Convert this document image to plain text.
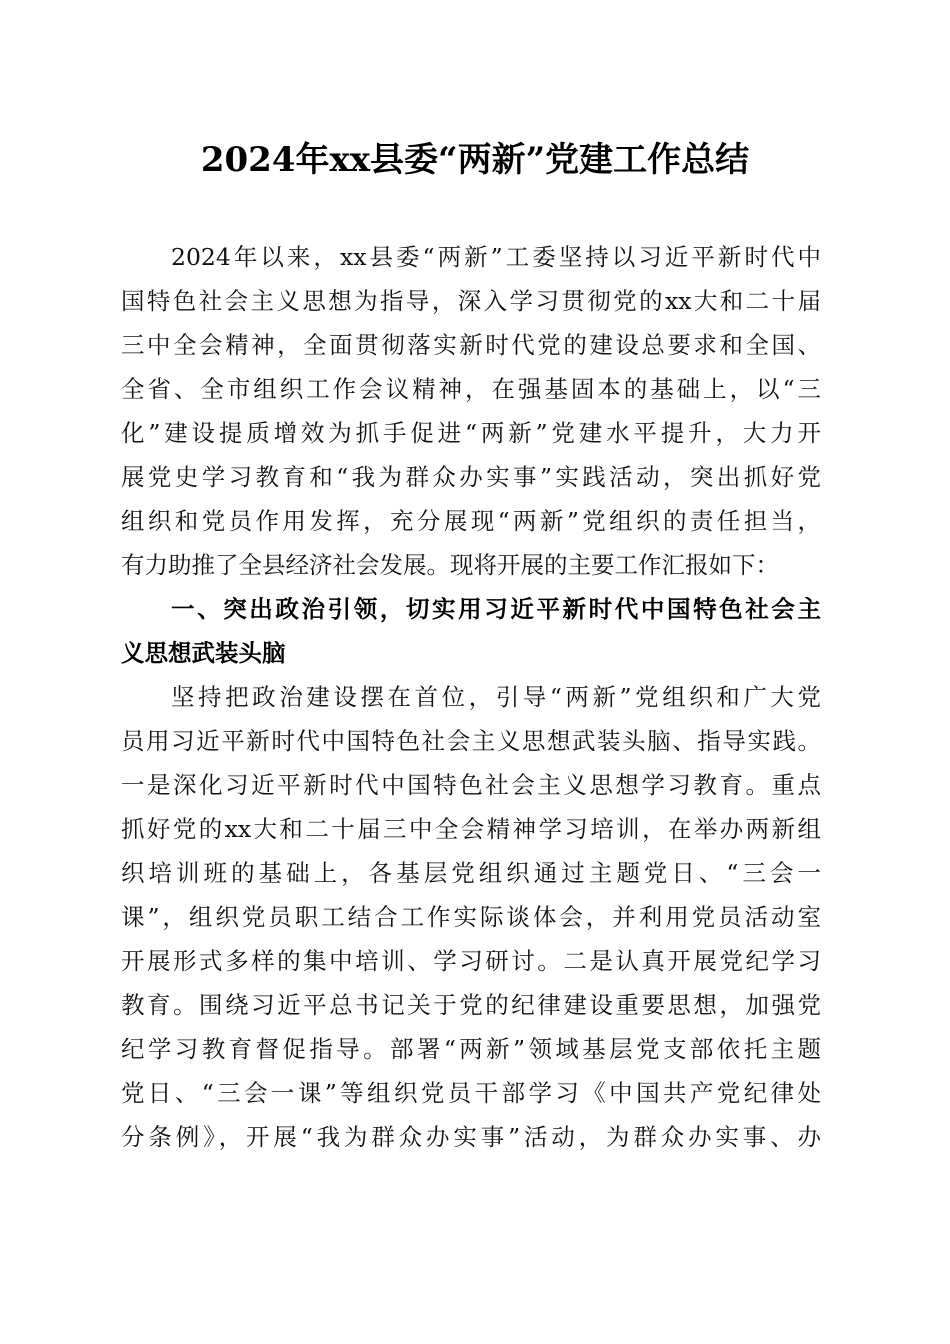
2024年xx县委“两新”党建工作总结
2024年以来，xx县委“两新”工委坚持以习近平新时代中
国特色社会主义思想为指导，深入学习贯彻党的xx大和二十届
三中全会精神，全面贯彻落实新时代党的建设总要求和全国、
全省、全市组织工作会议精神，在强基固本的基础上，以“三
化”建设提质增效为抓手促进“两新”党建水平提升，大力开
展党史学习教育和“我为群众办实事”实践活动，突出抓好党
组织和党员作用发挥，充分展现“两新”党组织的责任担当，
有力助推了全县经济社会发展。现将开展的主要工作汇报如下：
一、突出政治引领，切实用习近平新时代中国特色社会主
义思想武装头脑
坚持把政治建设摆在首位，引导“两新”党组织和广大党
员用习近平新时代中国特色社会主义思想武装头脑、指导实践。
一是深化习近平新时代中国特色社会主义思想学习教育。重点
抓好党的xx大和二十届三中全会精神学习培训，在举办两新组
织培训班的基础上，各基层党组织通过主题党日、“三会一
课”，组织党员职工结合工作实际谈体会，并利用党员活动室
开展形式多样的集中培训、学习研讨。二是认真开展党纪学习
教育。围绕习近平总书记关于党的纪律建设重要思想，加强党
纪学习教育督促指导。部署“两新”领域基层党支部依托主题
党日、“三会一课”等组织党员干部学习《中国共产党纪律处
分条例》，开展“我为群众办实事”活动，为群众办实事、办
